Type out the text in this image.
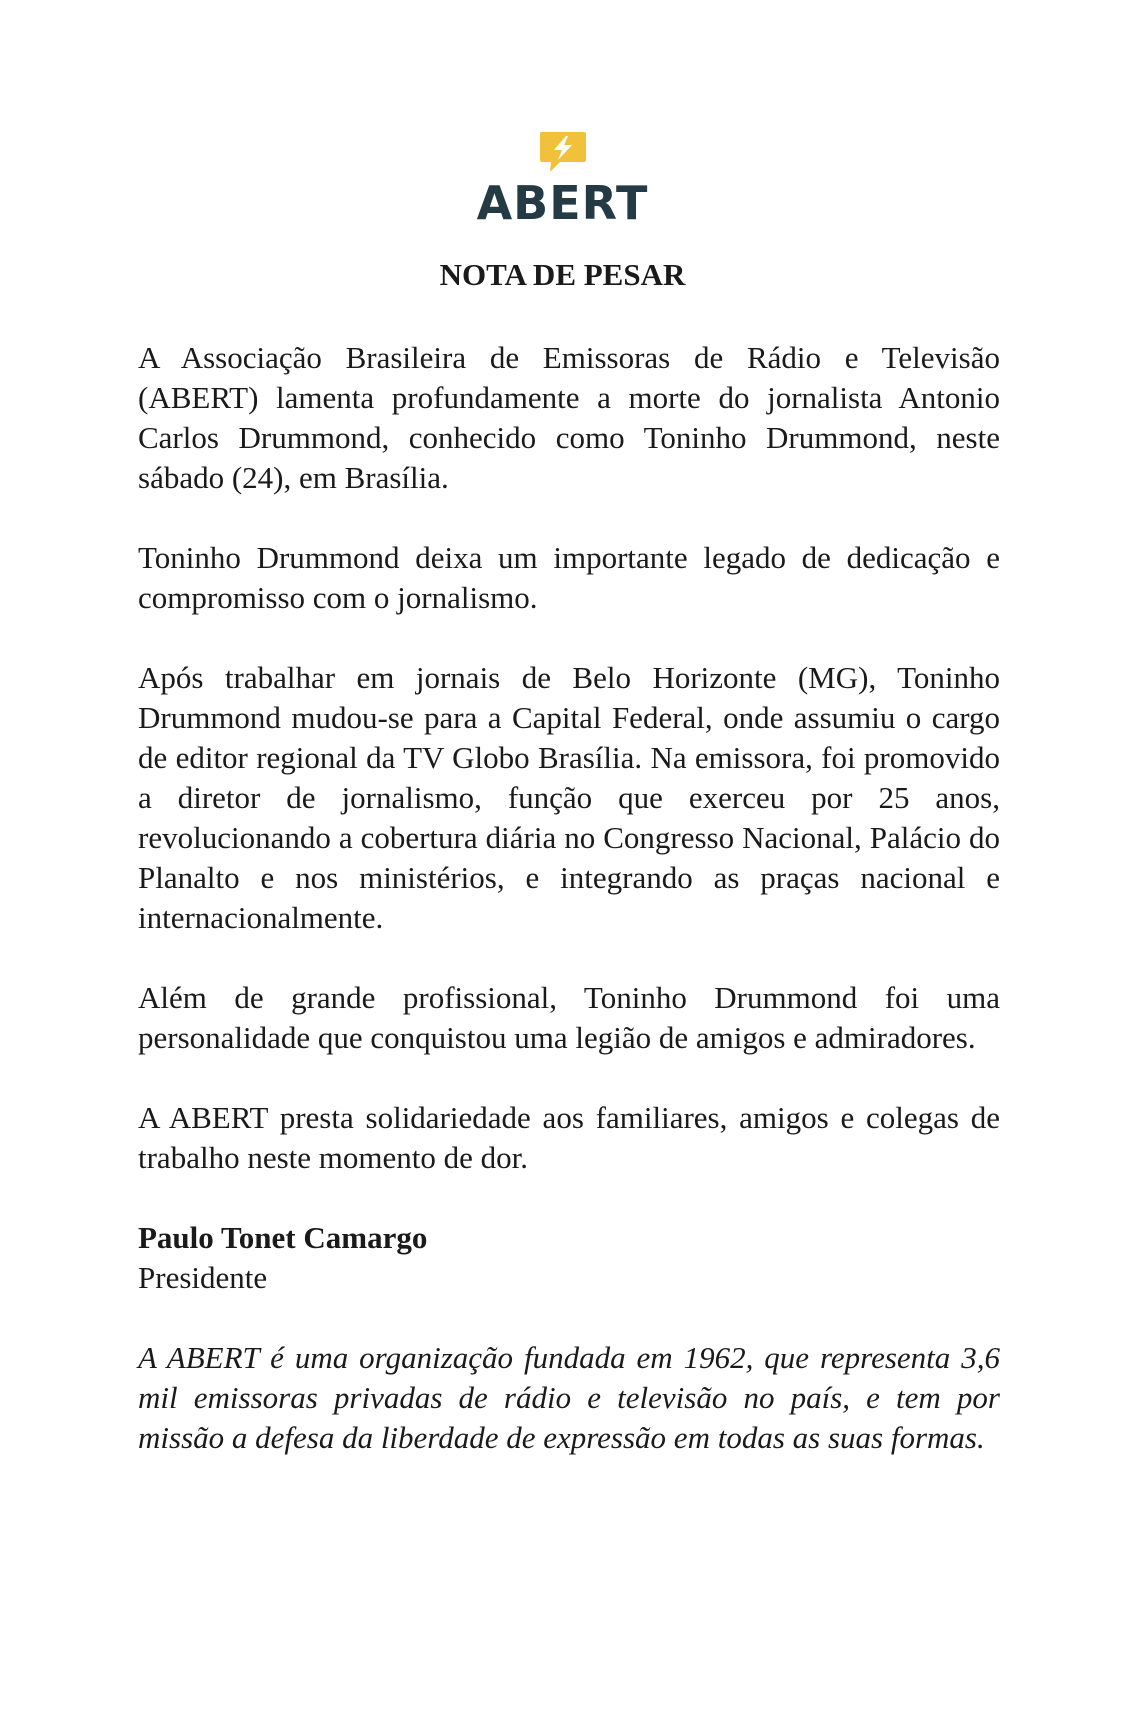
ABERT
NOTA DE PESAR

A Associação Brasileira de Emissoras de Rádio e Televisão (ABERT) lamenta profundamente a morte do jornalista Antonio Carlos Drummond, conhecido como Toninho Drummond, neste sábado (24), em Brasília.

Toninho Drummond deixa um importante legado de dedicação e compromisso com o jornalismo.

Após trabalhar em jornais de Belo Horizonte (MG), Toninho Drummond mudou-se para a Capital Federal, onde assumiu o cargo de editor regional da TV Globo Brasília. Na emissora, foi promovido a diretor de jornalismo, função que exerceu por 25 anos, revolucionando a cobertura diária no Congresso Nacional, Palácio do Planalto e nos ministérios, e integrando as praças nacional e internacionalmente.

Além de grande profissional, Toninho Drummond foi uma personalidade que conquistou uma legião de amigos e admiradores.

A ABERT presta solidariedade aos familiares, amigos e colegas de trabalho neste momento de dor.

Paulo Tonet Camargo
Presidente

A ABERT é uma organização fundada em 1962, que representa 3,6 mil emissoras privadas de rádio e televisão no país, e tem por missão a defesa da liberdade de expressão em todas as suas formas.
